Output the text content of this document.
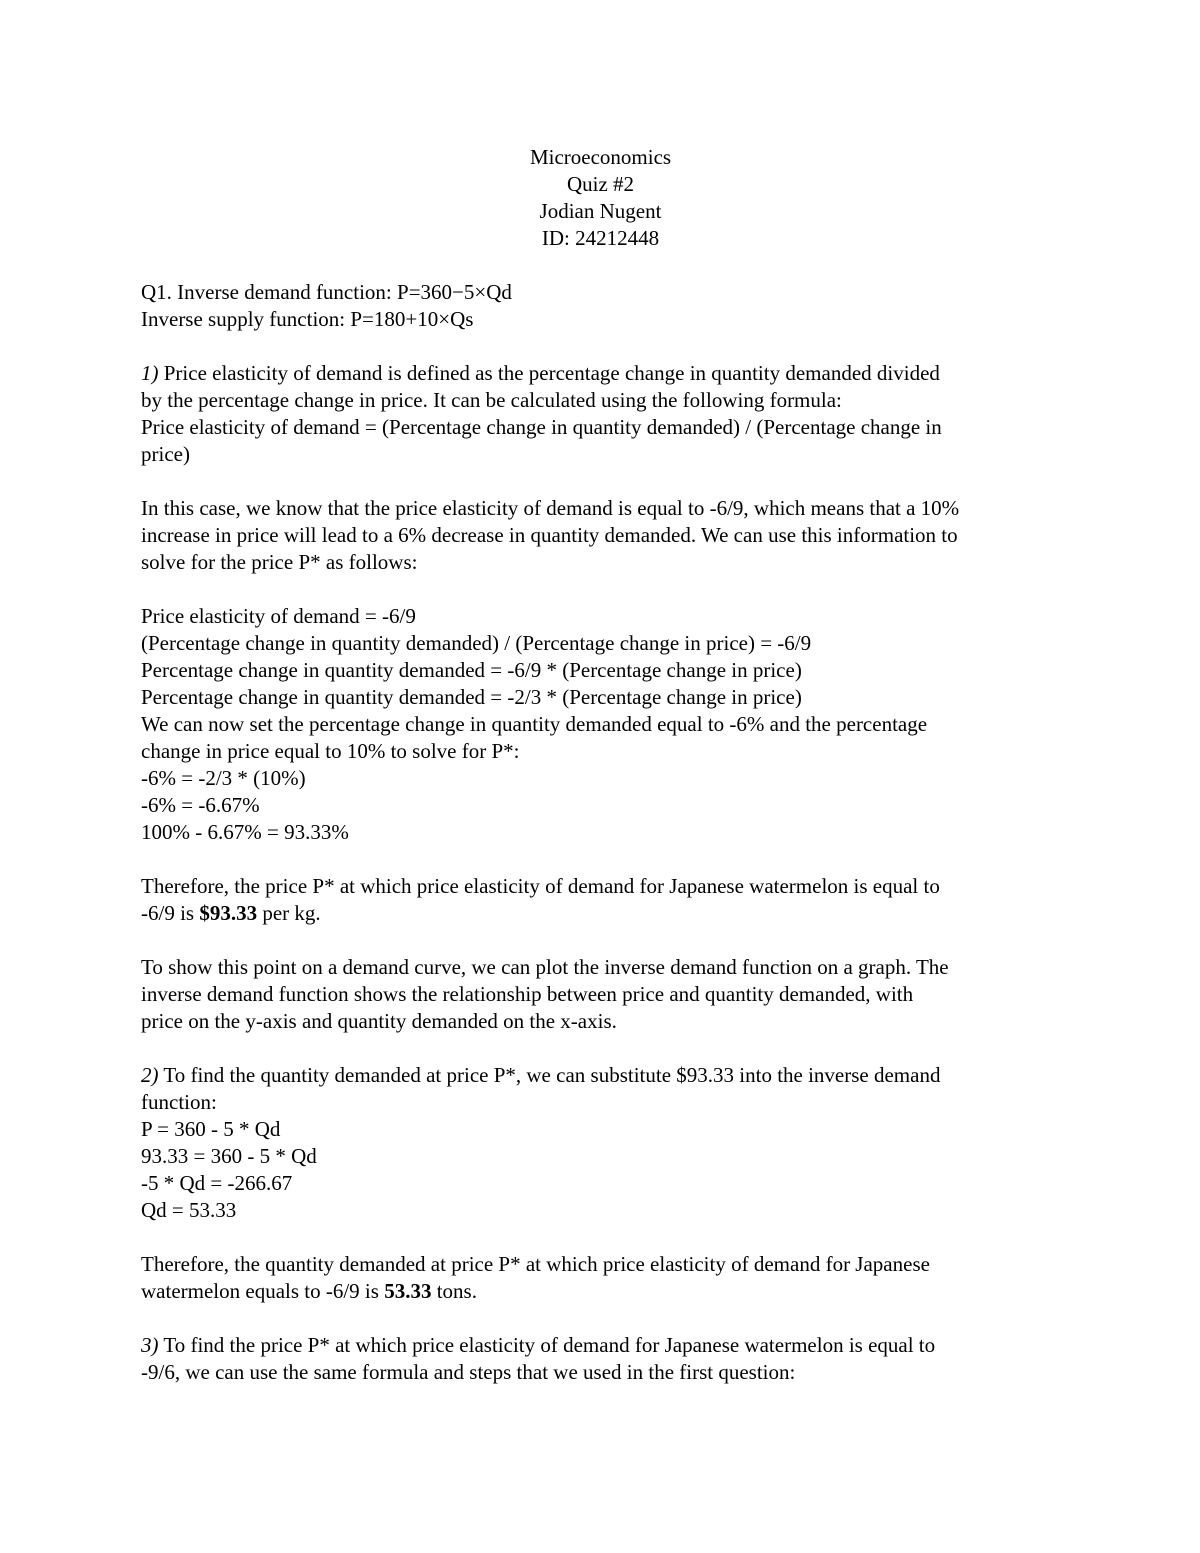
Microeconomics
Quiz #2
Jodian Nugent
ID: 24212448
Q1. Inverse demand function: P=360−5×Qd
Inverse supply function: P=180+10×Qs
1) Price elasticity of demand is defined as the percentage change in quantity demanded divided
by the percentage change in price. It can be calculated using the following formula:
Price elasticity of demand = (Percentage change in quantity demanded) / (Percentage change in
price)
In this case, we know that the price elasticity of demand is equal to -6/9, which means that a 10%
increase in price will lead to a 6% decrease in quantity demanded. We can use this information to
solve for the price P* as follows:
Price elasticity of demand = -6/9
(Percentage change in quantity demanded) / (Percentage change in price) = -6/9
Percentage change in quantity demanded = -6/9 * (Percentage change in price)
Percentage change in quantity demanded = -2/3 * (Percentage change in price)
We can now set the percentage change in quantity demanded equal to -6% and the percentage
change in price equal to 10% to solve for P*:
-6% = -2/3 * (10%)
-6% = -6.67%
100% - 6.67% = 93.33%
Therefore, the price P* at which price elasticity of demand for Japanese watermelon is equal to
-6/9 is $93.33 per kg.
To show this point on a demand curve, we can plot the inverse demand function on a graph. The
inverse demand function shows the relationship between price and quantity demanded, with
price on the y-axis and quantity demanded on the x-axis.
2) To find the quantity demanded at price P*, we can substitute $93.33 into the inverse demand
function:
P = 360 - 5 * Qd
93.33 = 360 - 5 * Qd
-5 * Qd = -266.67
Qd = 53.33
Therefore, the quantity demanded at price P* at which price elasticity of demand for Japanese
watermelon equals to -6/9 is 53.33 tons.
3) To find the price P* at which price elasticity of demand for Japanese watermelon is equal to
-9/6, we can use the same formula and steps that we used in the first question:
